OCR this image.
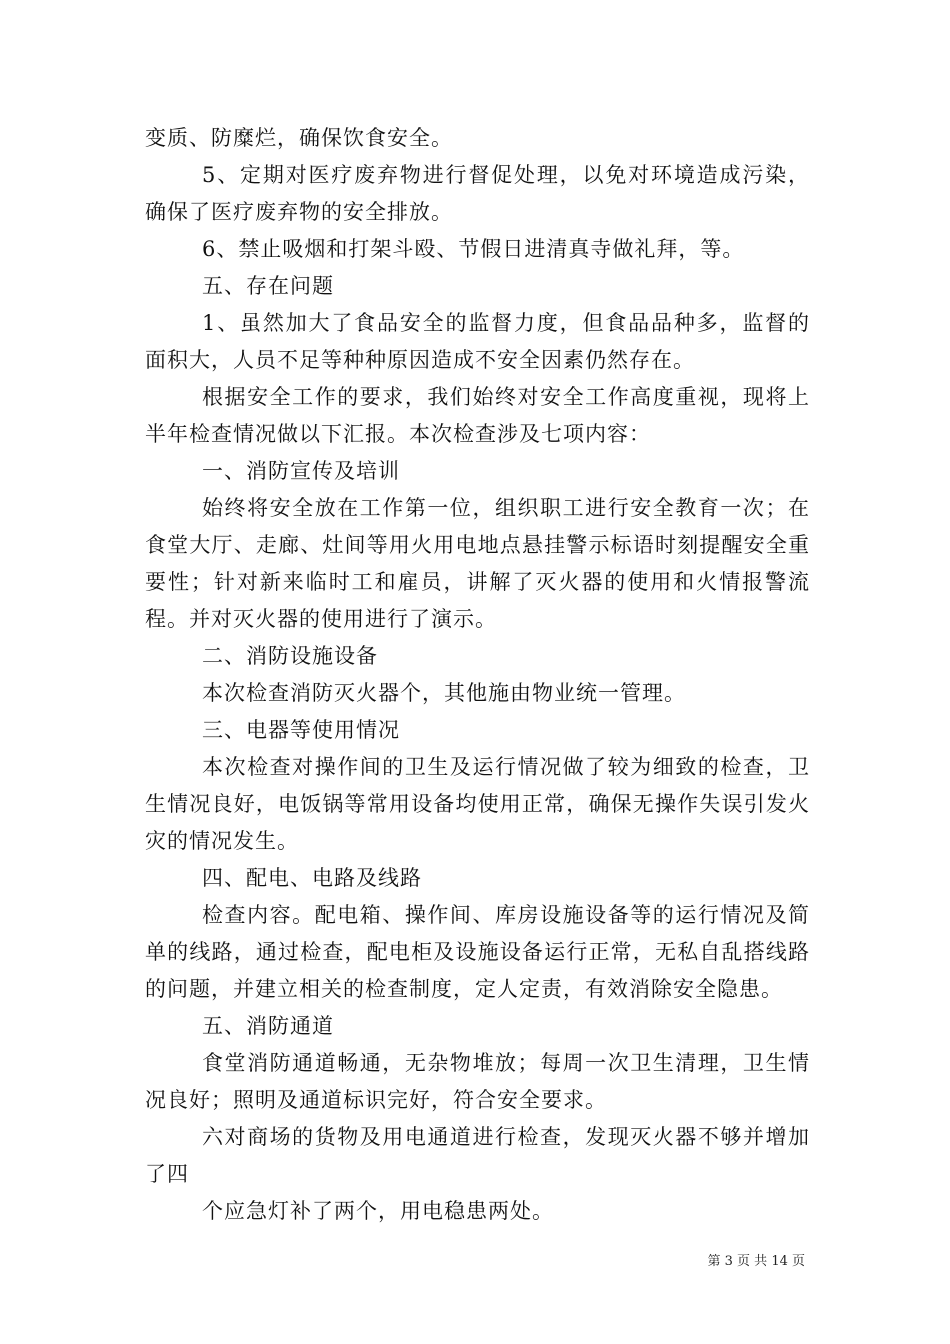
变质、防糜烂，确保饮食安全。

5、定期对医疗废弃物进行督促处理，以免对环境造成污染，确保了医疗废弃物的安全排放。

6、禁止吸烟和打架斗殴、节假日进清真寺做礼拜，等。

五、存在问题

1、虽然加大了食品安全的监督力度，但食品品种多，监督的面积大，人员不足等种种原因造成不安全因素仍然存在。

根据安全工作的要求，我们始终对安全工作高度重视，现将上半年检查情况做以下汇报。本次检查涉及七项内容：

一、消防宣传及培训

始终将安全放在工作第一位，组织职工进行安全教育一次；在食堂大厅、走廊、灶间等用火用电地点悬挂警示标语时刻提醒安全重要性；针对新来临时工和雇员，讲解了灭火器的使用和火情报警流程。并对灭火器的使用进行了演示。

二、消防设施设备

本次检查消防灭火器个，其他施由物业统一管理。

三、电器等使用情况

本次检查对操作间的卫生及运行情况做了较为细致的检查，卫生情况良好，电饭锅等常用设备均使用正常，确保无操作失误引发火灾的情况发生。

四、配电、电路及线路

检查内容。配电箱、操作间、库房设施设备等的运行情况及简单的线路，通过检查，配电柜及设施设备运行正常，无私自乱搭线路的问题，并建立相关的检查制度，定人定责，有效消除安全隐患。

五、消防通道

食堂消防通道畅通，无杂物堆放；每周一次卫生清理，卫生情况良好；照明及通道标识完好，符合安全要求。

六对商场的货物及用电通道进行检查，发现灭火器不够并增加了四

个应急灯补了两个，用电稳患两处。

第 3 页 共 14 页
